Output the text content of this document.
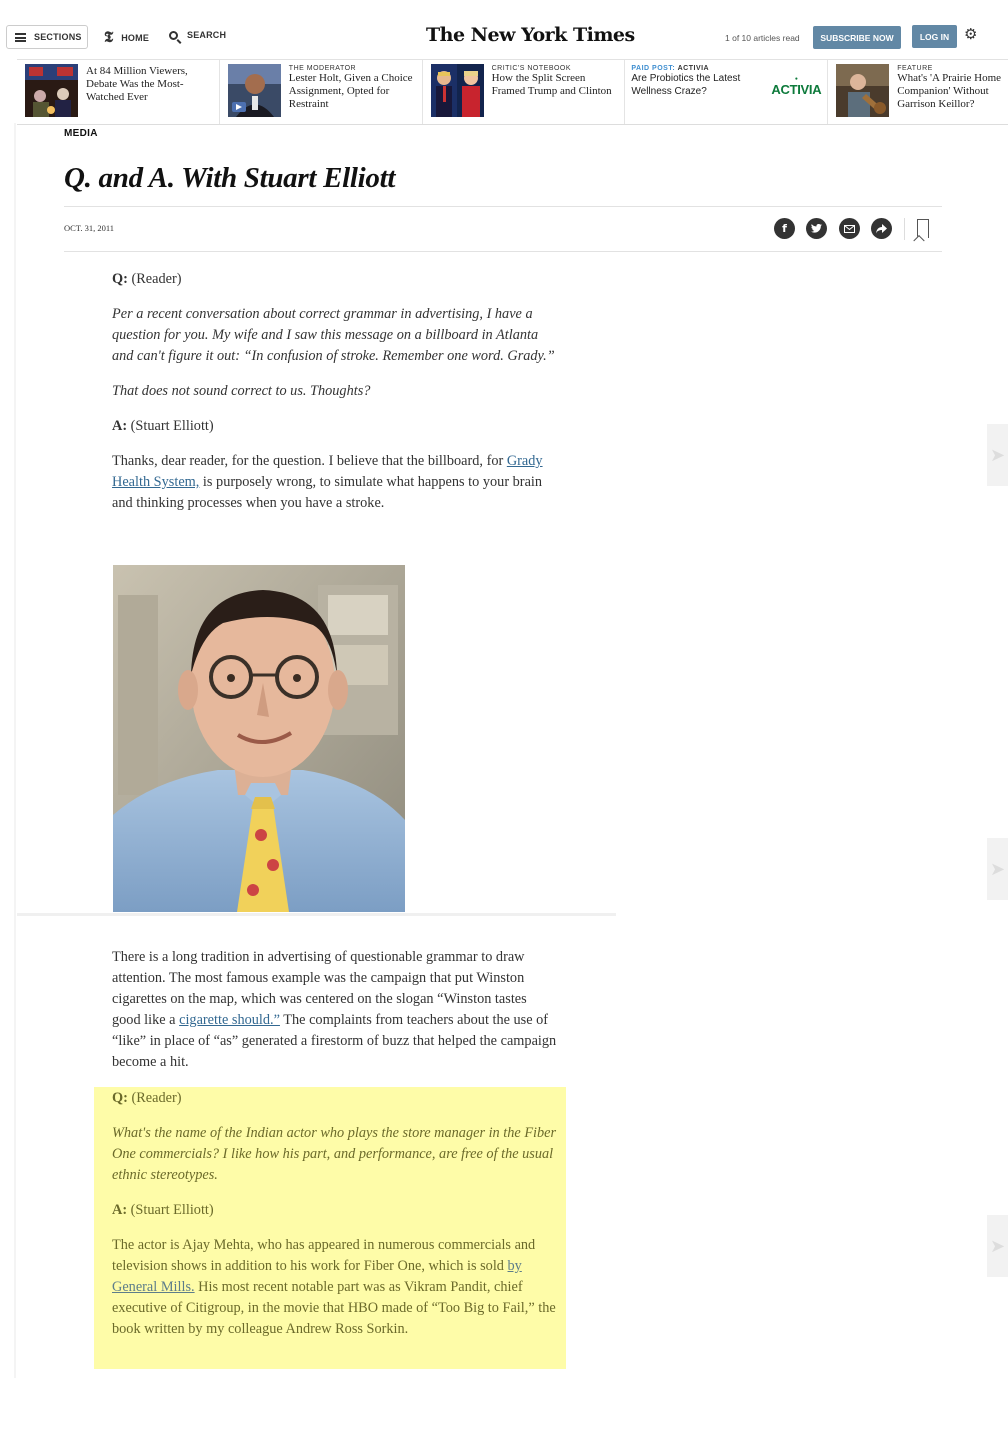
SECTIONS 𝕿 HOME	SEARCH	The New York Times	1 of 10 articles read	SUBSCRIBE NOW	LOG IN ⚙
At 84 Million Viewers, Debate Was the Most-Watched Ever
THE MODERATOR
Lester Holt, Given a Choice Assignment, Opted for Restraint
CRITIC'S NOTEBOOK
How the Split Screen Framed Trump and Clinton
PAID POST: ACTIVIA
Are Probiotics the Latest Wellness Craze?
●
ACTIVIA
FEATURE
What's 'A Prairie Home Companion' Without Garrison Keillor?
MEDIA
Q. and A. With Stuart Elliott
OCT. 31, 2011	f

Q: (Reader)

Per a recent conversation about correct grammar in advertising, I have a question for you. My wife and I saw this message on a billboard in Atlanta and can't figure it out: “In confusion of stroke. Remember one word. Grady.”

That does not sound correct to us. Thoughts?

A: (Stuart Elliott)

Thanks, dear reader, for the question. I believe that the billboard, for Grady Health System, is purposely wrong, to simulate what happens to your brain and thinking processes when you have a stroke.

There is a long tradition in advertising of questionable grammar to draw attention. The most famous example was the campaign that put Winston cigarettes on the map, which was centered on the slogan “Winston tastes good like a cigarette should.” The complaints from teachers about the use of “like” in place of “as” generated a firestorm of buzz that helped the campaign become a hit.

Q: (Reader)

What's the name of the Indian actor who plays the store manager in the Fiber One commercials? I like how his part, and performance, are free of the usual ethnic stereotypes.

A: (Stuart Elliott)

The actor is Ajay Mehta, who has appeared in numerous commercials and television shows in addition to his work for Fiber One, which is sold by General Mills. His most recent notable part was as Vikram Pandit, chief executive of Citigroup, in the movie that HBO made of “Too Big to Fail,” the book written by my colleague Andrew Ross Sorkin.

➤
➤
➤
